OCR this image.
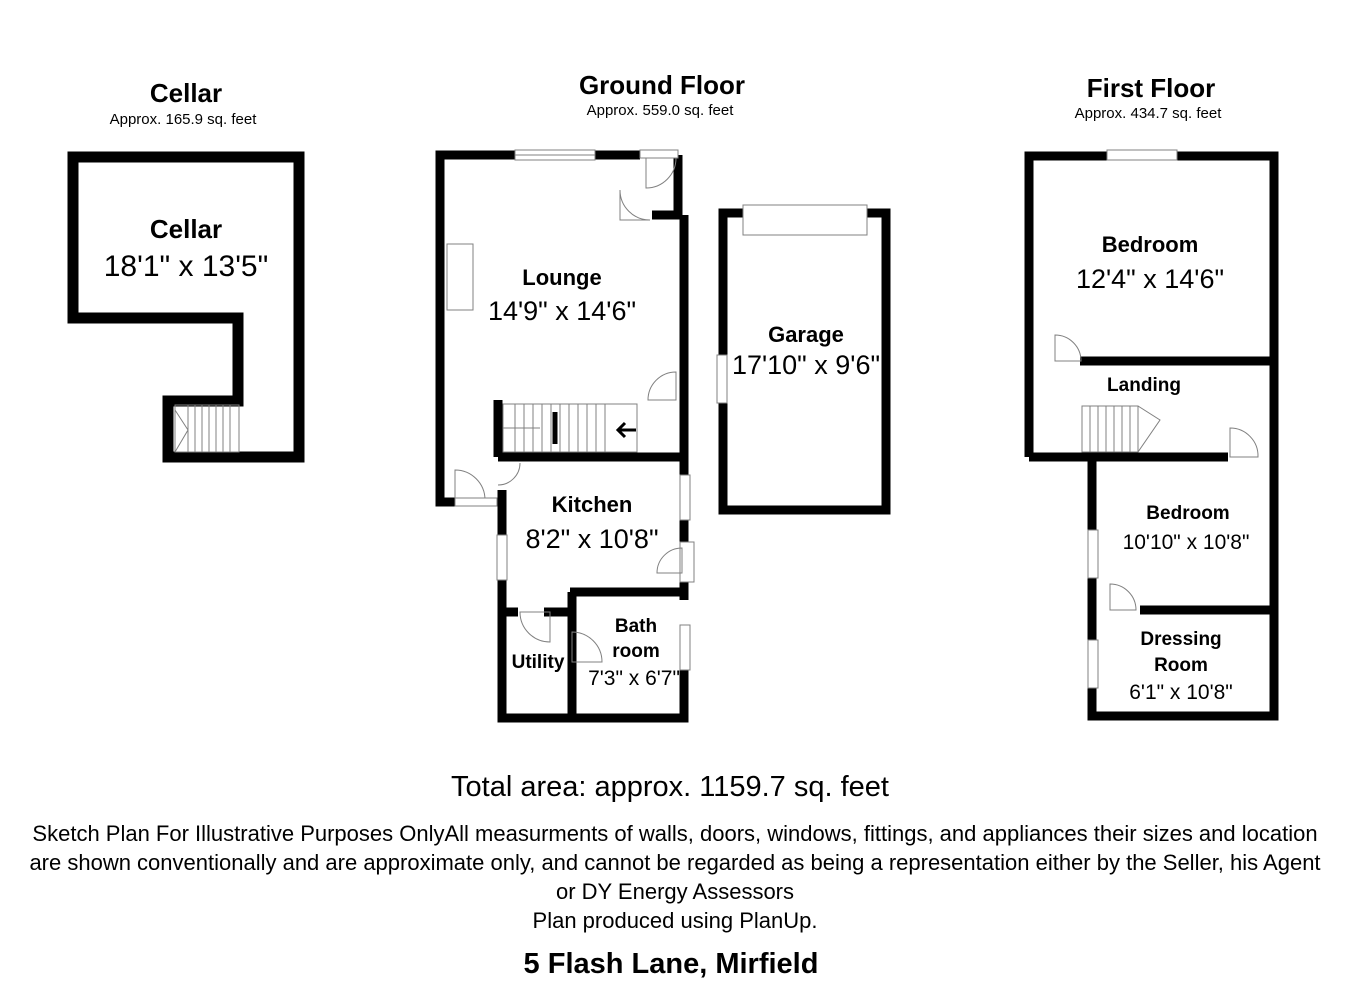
Cellar
Approx. 165.9 sq. feet
Ground Floor
Approx. 559.0 sq. feet
First Floor
Approx. 434.7 sq. feet
Cellar
18'1" x 13'5"	Lounge
14'9" x 14'6"
Garage
17'10" x 9'6"
Kitchen
8'2" x 10'8"
Utility
Bath
room
7'3" x 6'7"
Bedroom
12'4" x 14'6"
Landing
Bedroom
10'10" x 10'8"
Dressing
Room
6'1" x 10'8"
Total area: approx. 1159.7 sq. feet
Sketch Plan For Illustrative Purposes OnlyAll measurments of walls, doors, windows, fittings, and appliances their sizes and location are shown conventionally and are approximate only, and cannot be regarded as being a representation either by the Seller, his Agent or DY Energy Assessors
Plan produced using PlanUp.
5 Flash Lane, Mirfield
